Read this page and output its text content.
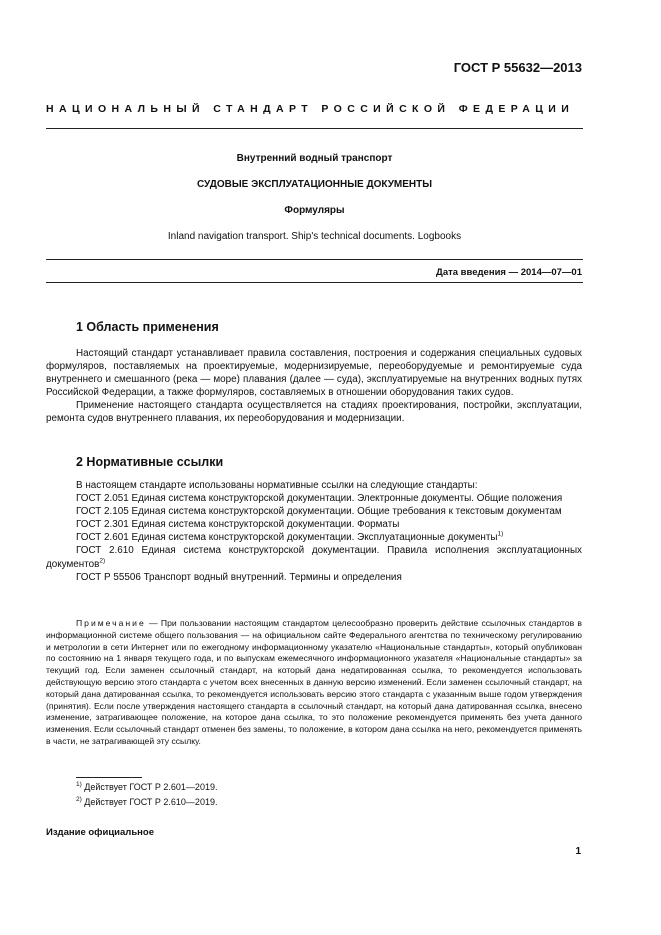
ГОСТ Р 55632—2013
НАЦИОНАЛЬНЫЙ СТАНДАРТ РОССИЙСКОЙ ФЕДЕРАЦИИ
Внутренний водный транспорт
СУДОВЫЕ ЭКСПЛУАТАЦИОННЫЕ ДОКУМЕНТЫ
Формуляры
Inland navigation transport. Ship's technical documents. Logbooks
Дата введения — 2014—07—01
1 Область применения

Настоящий стандарт устанавливает правила составления, построения и содержания специальных судовых формуляров, поставляемых на проектируемые, модернизируемые, переоборудуемые и ремонтируемые суда внутреннего и смешанного (река — море) плавания (далее — суда), эксплуатируемые на внутренних водных путях Российской Федерации, а также формуляров, составляемых в отношении оборудования таких судов.

Применение настоящего стандарта осуществляется на стадиях проектирования, постройки, эксплуатации, ремонта судов внутреннего плавания, их переоборудования и модернизации.

2 Нормативные ссылки

В настоящем стандарте использованы нормативные ссылки на следующие стандарты:

ГОСТ 2.051 Единая система конструкторской документации. Электронные документы. Общие положения

ГОСТ 2.105 Единая система конструкторской документации. Общие требования к текстовым документам

ГОСТ 2.301 Единая система конструкторской документации. Форматы

ГОСТ 2.601 Единая система конструкторской документации. Эксплуатационные документы$^{1)}$

ГОСТ 2.610 Единая система конструкторской документации. Правила исполнения эксплуатационных документов$^{2)}$

ГОСТ Р 55506 Транспорт водный внутренний. Термины и определения

Примечание — При пользовании настоящим стандартом целесообразно проверить действие ссылочных стандартов в информационной системе общего пользования — на официальном сайте Федерального агентства по техническому регулированию и метрологии в сети Интернет или по ежегодному информационному указателю «Национальные стандарты», который опубликован по состоянию на 1 января текущего года, и по выпускам ежемесячного информационного указателя «Национальные стандарты» за текущий год. Если заменен ссылочный стандарт, на который дана недатированная ссылка, то рекомендуется использовать действующую версию этого стандарта с учетом всех внесенных в данную версию изменений. Если заменен ссылочный стандарт, на который дана датированная ссылка, то рекомендуется использовать версию этого стандарта с указанным выше годом утверждения (принятия). Если после утверждения настоящего стандарта в ссылочный стандарт, на который дана датированная ссылка, внесено изменение, затрагивающее положение, на которое дана ссылка, то это положение рекомендуется применять без учета данного изменения. Если ссылочный стандарт отменен без замены, то положение, в котором дана ссылка на него, рекомендуется применять в части, не затрагивающей эту ссылку.
$^{1)}$ Действует ГОСТ Р 2.601—2019.
$^{2)}$ Действует ГОСТ Р 2.610—2019.
Издание официальное
1
